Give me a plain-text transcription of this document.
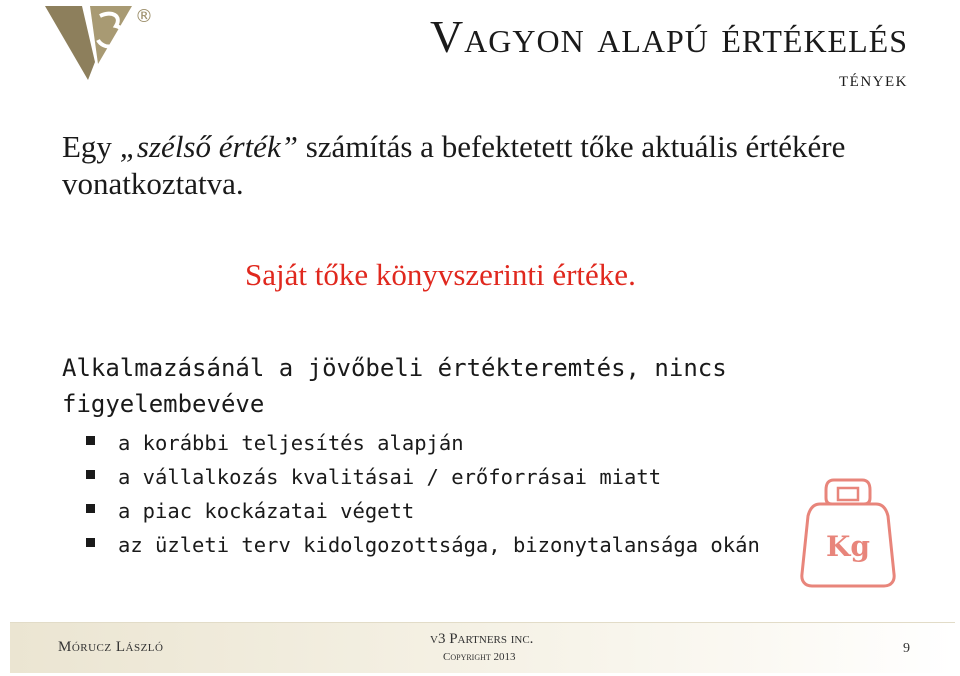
®	Vagyon alapú értékelés
tények
Egy „szélső érték” számítás a befektetett tőke aktuális értékére vonatkoztatva.
Saját tőke könyvszerinti értéke.
Alkalmazásánál a jövőbeli értékteremtés, nincs figyelembevéve
a korábbi teljesítés alapján
a vállalkozás kvalitásai / erőforrásai miatt
a piac kockázatai végett
az üzleti terv kidolgozottsága, bizonytalansága okán Kg
Mórucz László	v3 Partners inc.
Copyright 2013
9
